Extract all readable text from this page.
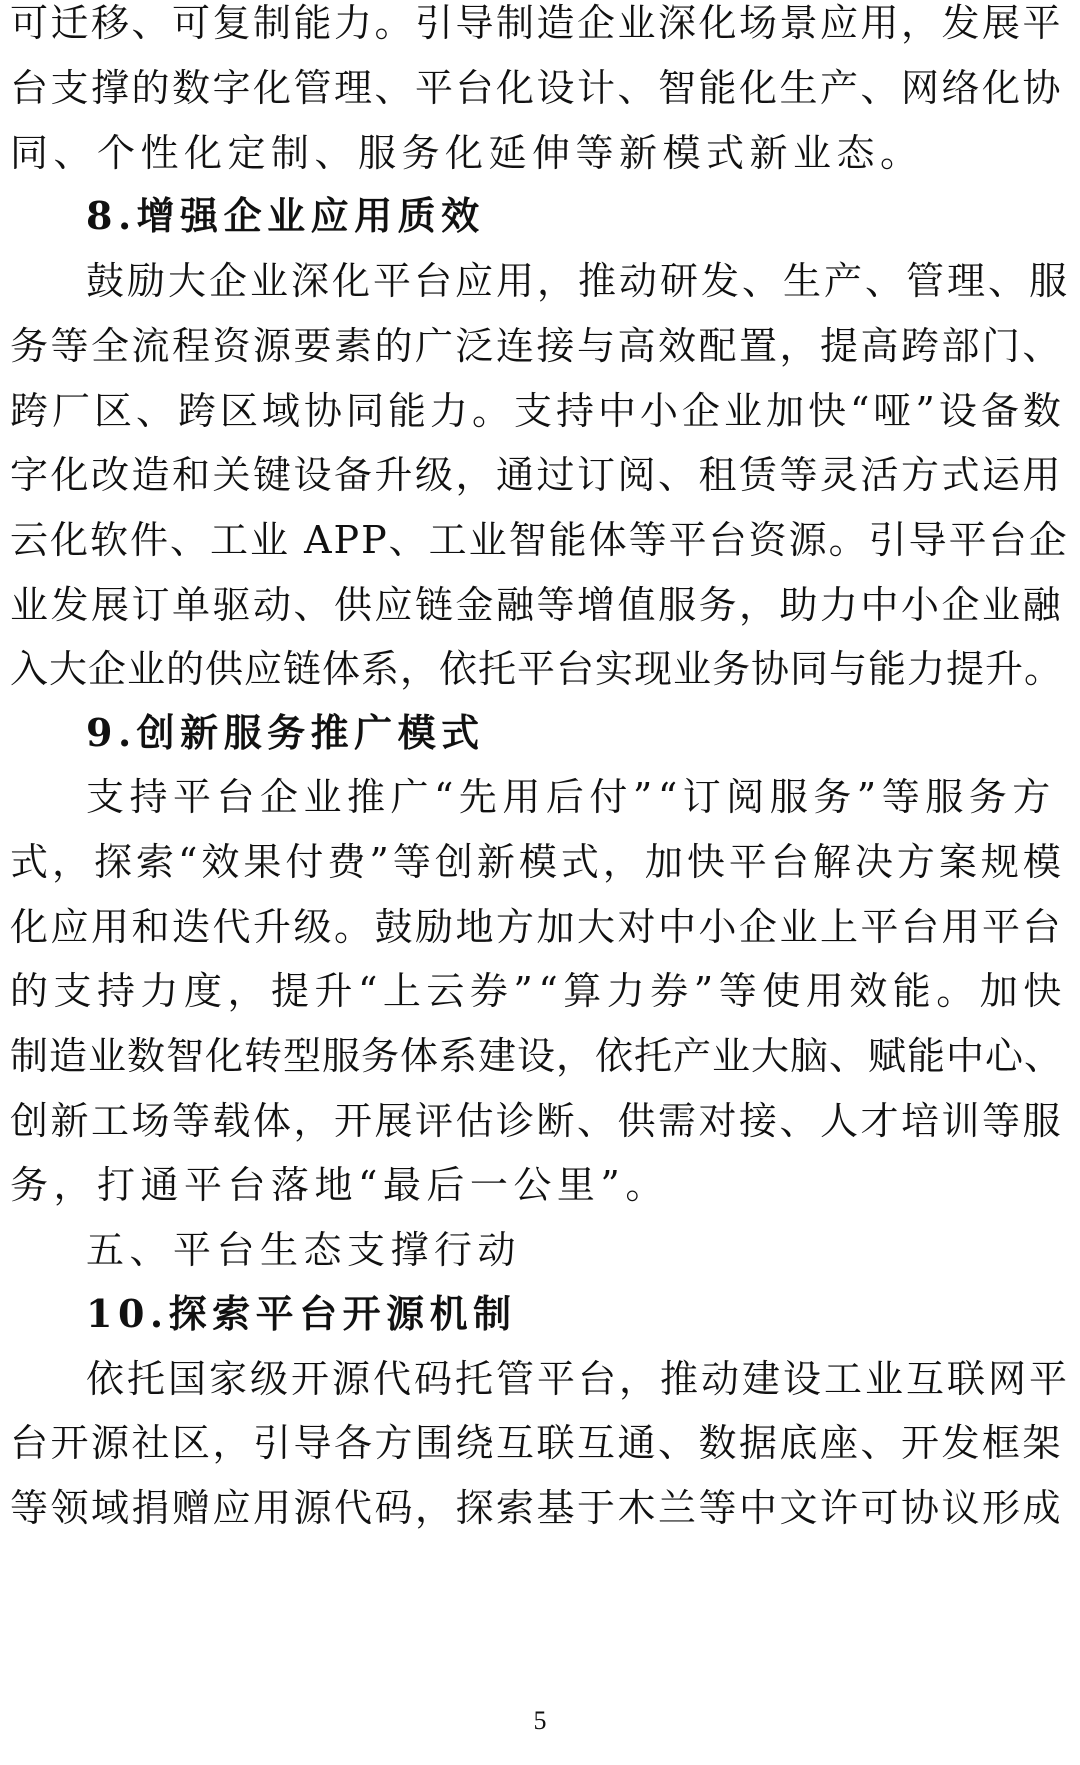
可迁移、可复制能力。引导制造企业深化场景应用，发展平
台支撑的数字化管理、平台化设计、智能化生产、网络化协
同、个性化定制、服务化延伸等新模式新业态。
8.增强企业应用质效
鼓励大企业深化平台应用，推动研发、生产、管理、服
务等全流程资源要素的广泛连接与高效配置，提高跨部门、
跨厂区、跨区域协同能力。支持中小企业加快“哑”设备数
字化改造和关键设备升级，通过订阅、租赁等灵活方式运用
云化软件、工业 APP、工业智能体等平台资源。引导平台企
业发展订单驱动、供应链金融等增值服务，助力中小企业融
入大企业的供应链体系，依托平台实现业务协同与能力提升。
9.创新服务推广模式
支持平台企业推广“先用后付”“订阅服务”等服务方
式，探索“效果付费”等创新模式，加快平台解决方案规模
化应用和迭代升级。鼓励地方加大对中小企业上平台用平台
的支持力度，提升“上云券”“算力券”等使用效能。加快
制造业数智化转型服务体系建设，依托产业大脑、赋能中心、
创新工场等载体，开展评估诊断、供需对接、人才培训等服
务，打通平台落地“最后一公里”。
五、平台生态支撑行动
10.探索平台开源机制
依托国家级开源代码托管平台，推动建设工业互联网平
台开源社区，引导各方围绕互联互通、数据底座、开发框架
等领域捐赠应用源代码，探索基于木兰等中文许可协议形成
5
